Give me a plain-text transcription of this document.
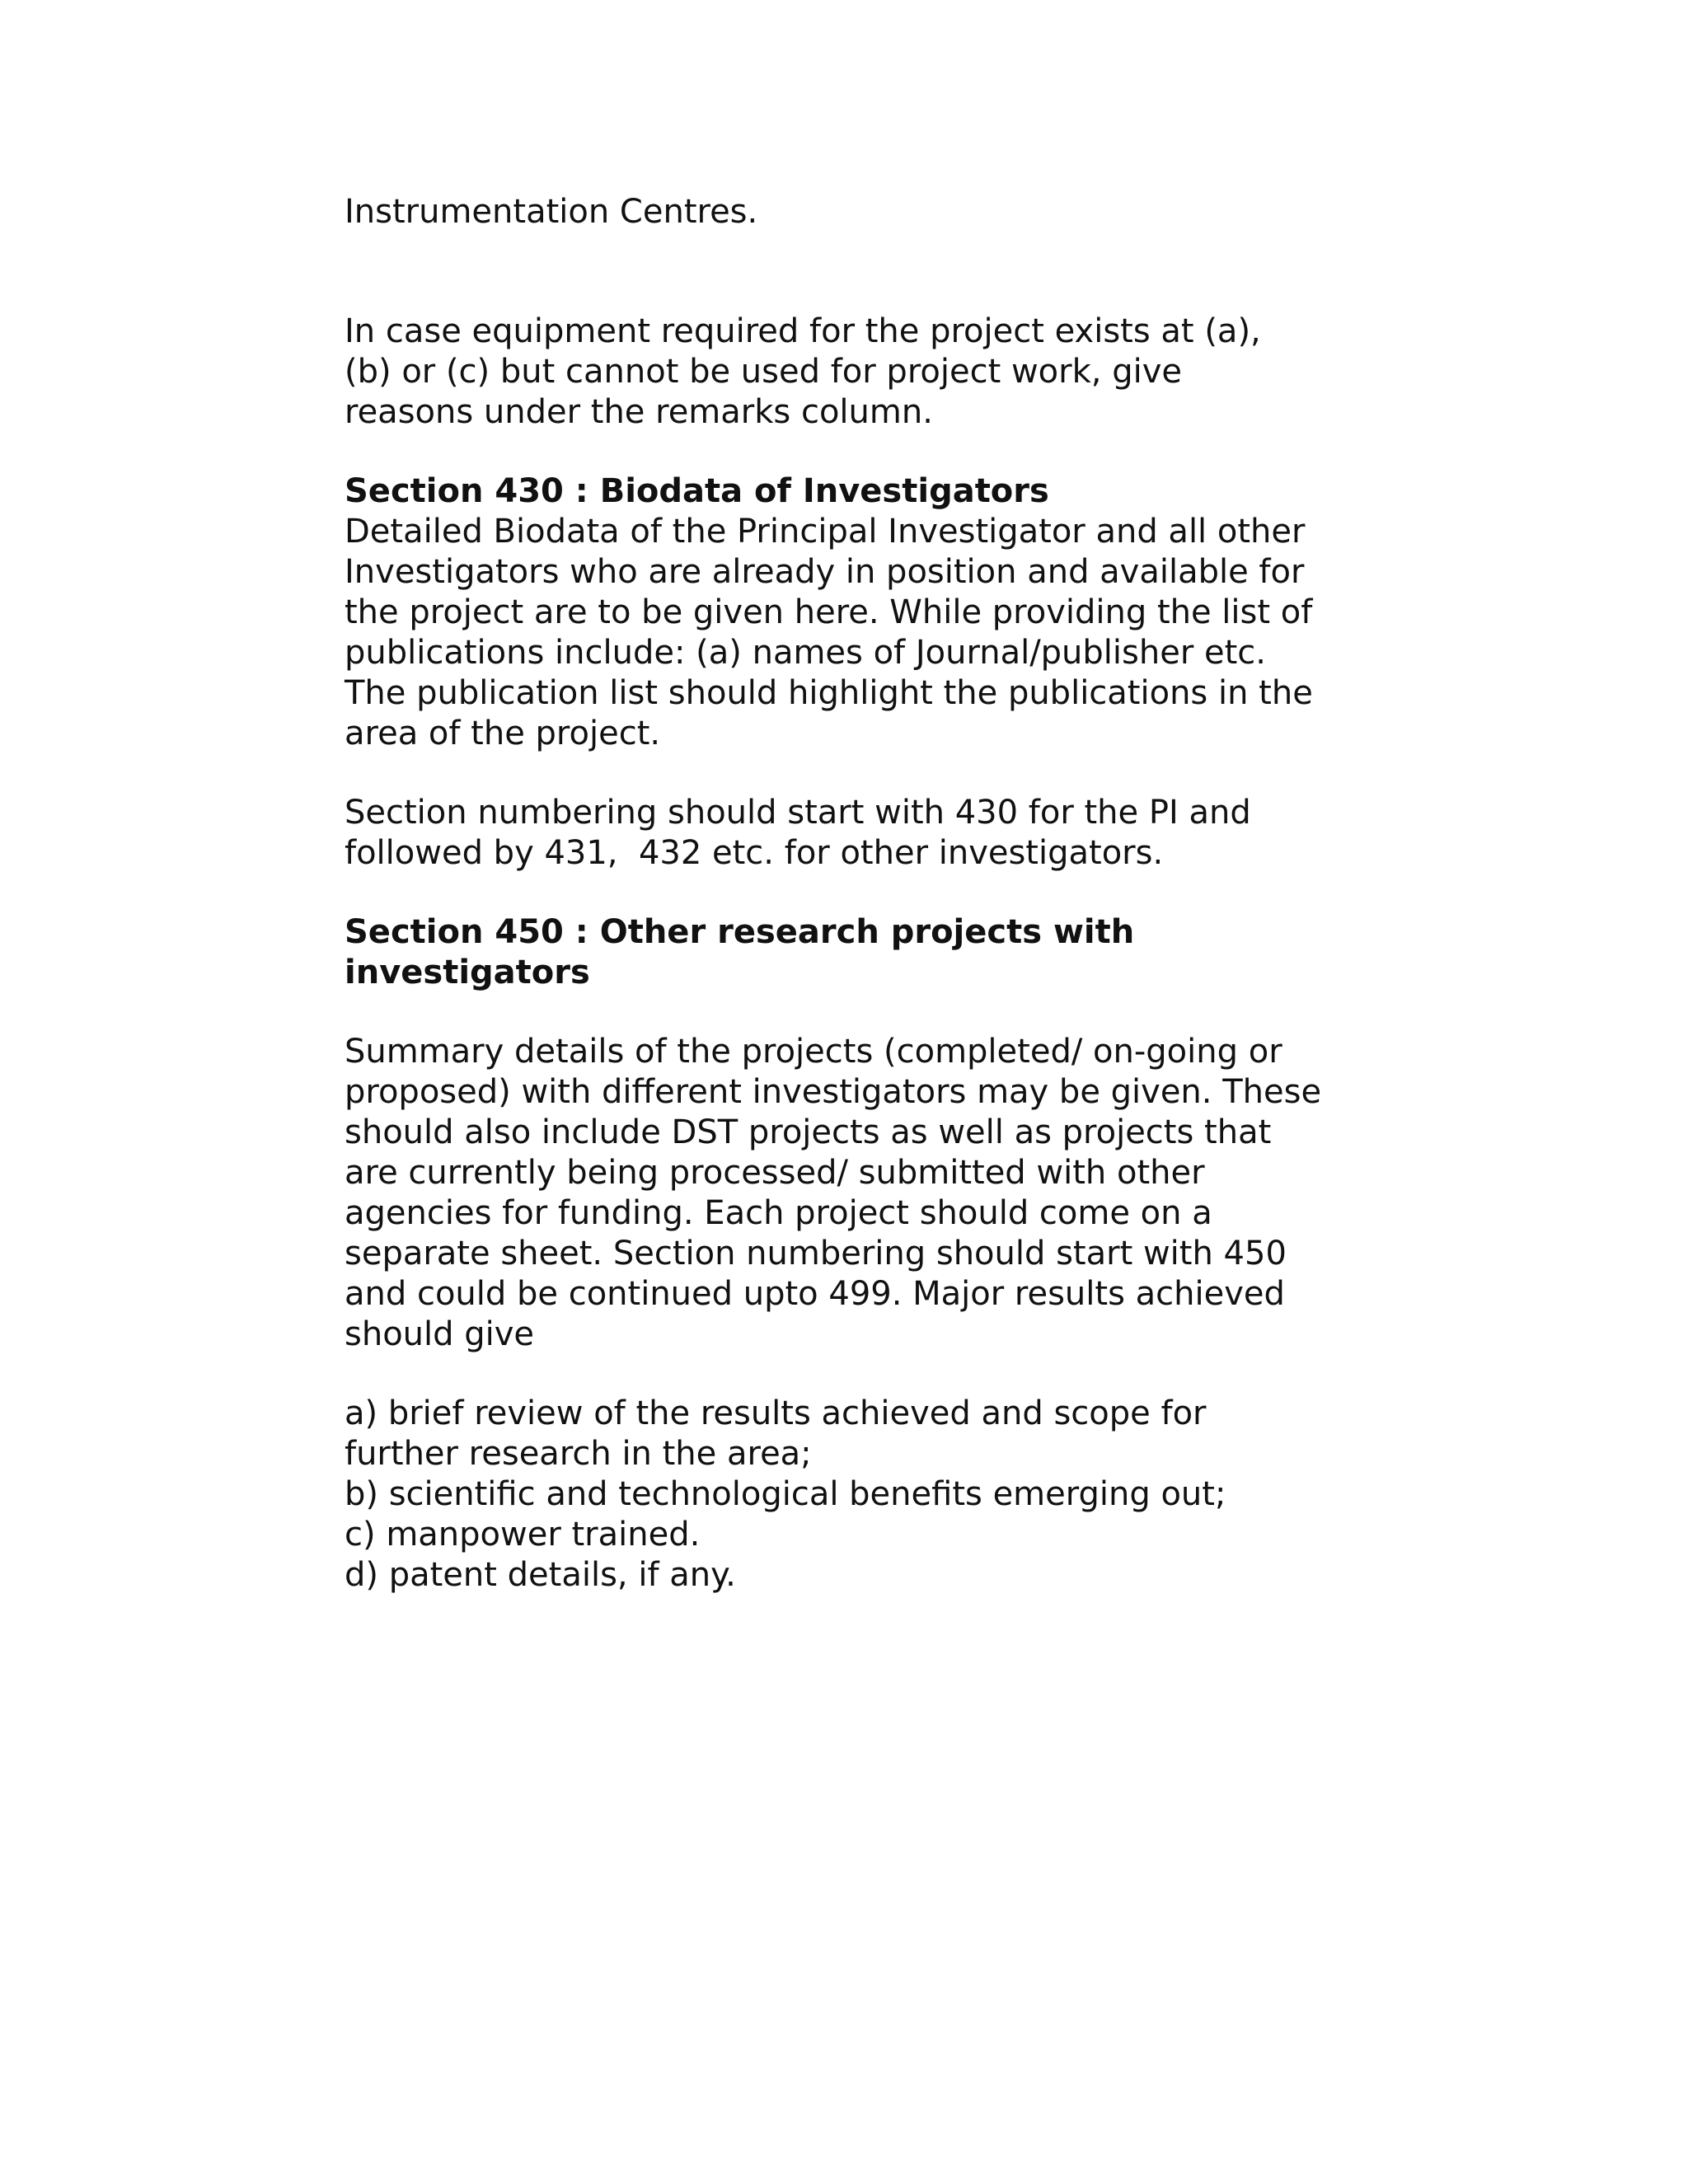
Instrumentation Centres.
In case equipment required for the project exists at (a),
(b) or (c) but cannot be used for project work, give
reasons under the remarks column.
Section 430 : Biodata of Investigators
Detailed Biodata of the Principal Investigator and all other
Investigators who are already in position and available for
the project are to be given here. While providing the list of
publications include: (a) names of Journal/publisher etc.
The publication list should highlight the publications in the
area of the project.
Section numbering should start with 430 for the PI and
followed by 431,  432 etc. for other investigators.
Section 450 : Other research projects with
investigators
Summary details of the projects (completed/ on-going or
proposed) with different investigators may be given. These
should also include DST projects as well as projects that
are currently being processed/ submitted with other
agencies for funding. Each project should come on a
separate sheet. Section numbering should start with 450
and could be continued upto 499. Major results achieved
should give
a) brief review of the results achieved and scope for
further research in the area;
b) scientific and technological benefits emerging out;
c) manpower trained.
d) patent details, if any.
